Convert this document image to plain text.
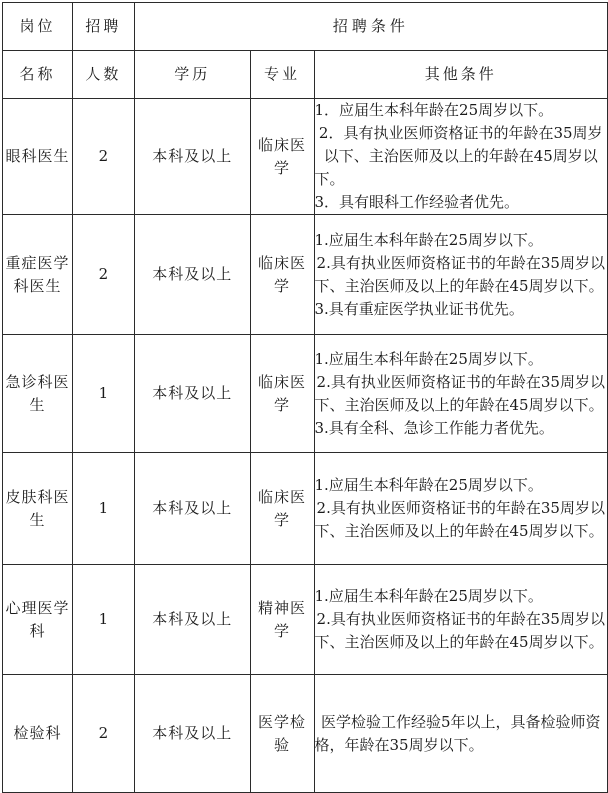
岗位	招聘	招聘条件		
名称	人数	学历	专业	其他条件
眼科医生	2	本科及以上	临床医学	1．应届生本科年龄在25周岁以下。
2．具有执业医师资格证书的年龄在35周岁以下、主治医师及以上的年龄在45周岁以下。
3．具有眼科工作经验者优先。

重症医学科医生	2	本科及以上	临床医学	1.应届生本科年龄在25周岁以下。
2.具有执业医师资格证书的年龄在35周岁以下、主治医师及以上的年龄在45周岁以下。
3.具有重症医学执业证书优先。

急诊科医生	1	本科及以上	临床医学	1.应届生本科年龄在25周岁以下。
2.具有执业医师资格证书的年龄在35周岁以下、主治医师及以上的年龄在45周岁以下。
3.具有全科、急诊工作能力者优先。

皮肤科医生	1	本科及以上	临床医学	1.应届生本科年龄在25周岁以下。
2.具有执业医师资格证书的年龄在35周岁以下、主治医师及以上的年龄在45周岁以下。

心理医学科	1	本科及以上	精神医学	1.应届生本科年龄在25周岁以下。
2.具有执业医师资格证书的年龄在35周岁以下、主治医师及以上的年龄在45周岁以下。

检验科	2	本科及以上	医学检验	医学检验工作经验5年以上，具备检验师资格，年龄在35周岁以下。
